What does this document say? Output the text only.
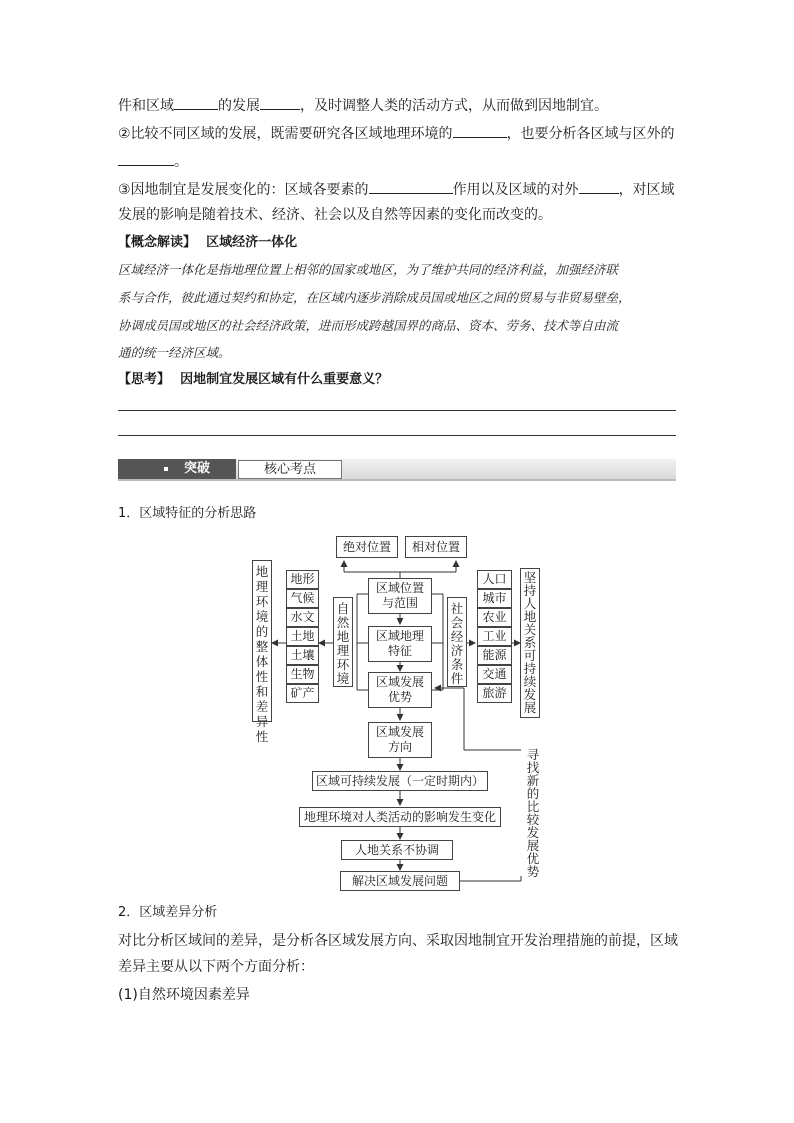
件和区域	的发展	，及时调整人类的活动方式，从而做到因地制宜。
②比较不同区域的发展，既需要研究各区域地理环境的	，也要分析各区域与区外的
。
③因地制宜是发展变化的：区域各要素的	作用以及区域的对外	，对区域
发展的影响是随着技术、经济、社会以及自然等因素的变化而改变的。
【概念解读】 区域经济一体化
区域经济一体化是指地理位置上相邻的国家或地区，为了维护共同的经济利益，加强经济联
系与合作，彼此通过契约和协定，在区域内逐步消除成员国或地区之间的贸易与非贸易壁垒，
协调成员国或地区的社会经济政策，进而形成跨越国界的商品、资本、劳务、技术等自由流
通的统一经济区域。
【思考】 因地制宜发展区域有什么重要意义？
突破	核心考点
1．区域特征的分析思路
绝对位置	相对位置
区域位置与范围
区域地理特征
区域发展优势
区域发展方向
区域可持续发展（一定时期内）
地理环境对人类活动的影响发生变化
人地关系不协调
解决区域发展问题
自然地理环境
社会经济条件
地理环境的整体性和差异性
坚持人地关系可持续发展
寻找新的比较发展优势
地形
气候
水文
土地
土壤
生物
矿产
人口
城市
农业
工业
能源
交通
旅游
2．区域差异分析
对比分析区域间的差异，是分析各区域发展方向、采取因地制宜开发治理措施的前提，区域
差异主要从以下两个方面分析：
(1)自然环境因素差异
